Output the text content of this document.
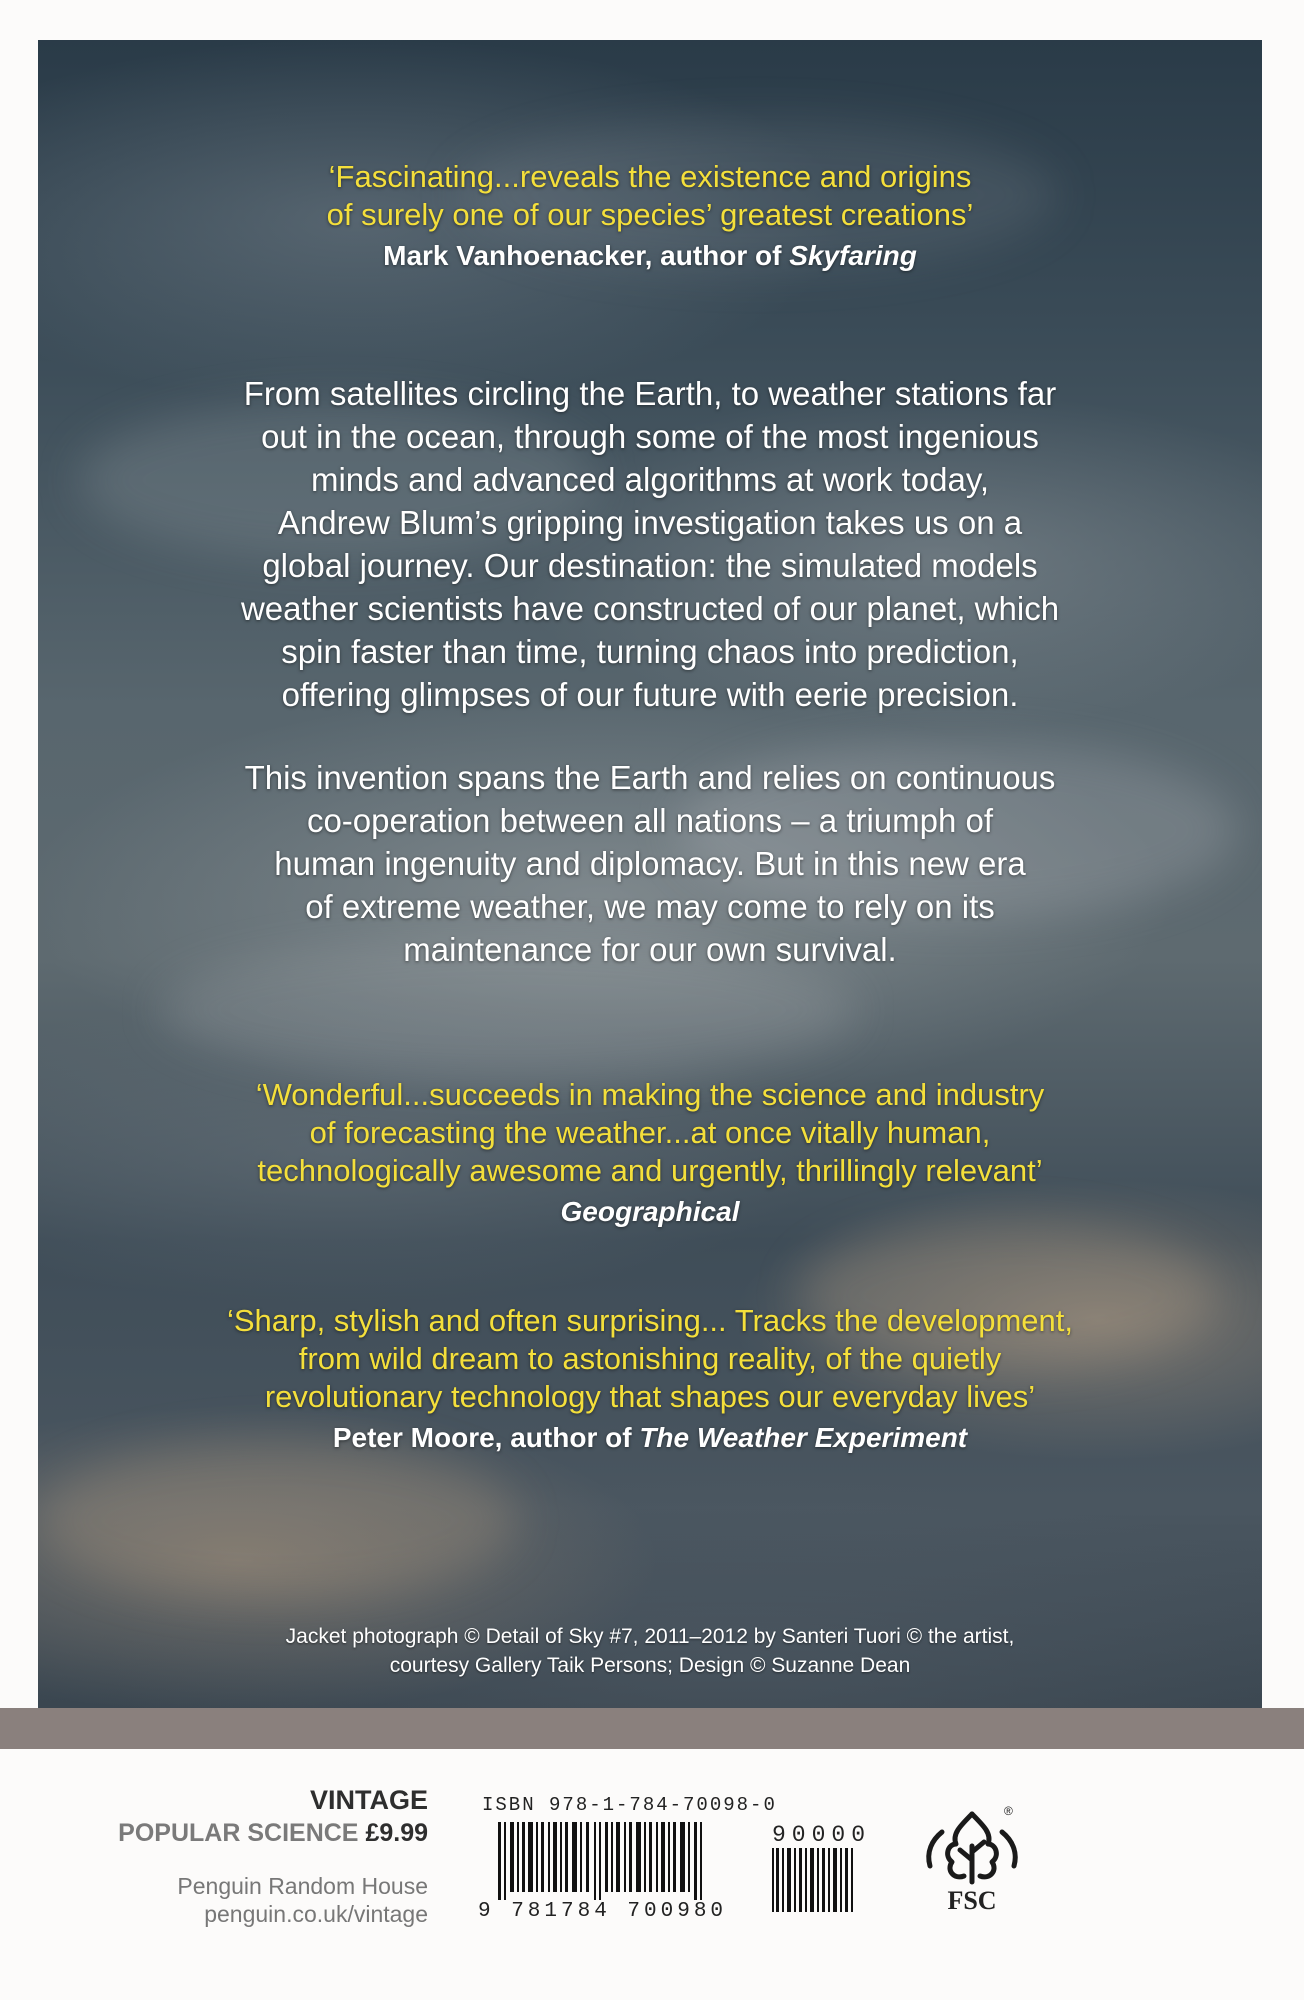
‘Fascinating...reveals the existence and origins
of surely one of our species’ greatest creations’
Mark Vanhoenacker, author of Skyfaring
From satellites circling the Earth, to weather stations far
out in the ocean, through some of the most ingenious
minds and advanced algorithms at work today,
Andrew Blum’s gripping investigation takes us on a
global journey. Our destination: the simulated models
weather scientists have constructed of our planet, which
spin faster than time, turning chaos into prediction,
offering glimpses of our future with eerie precision.
This invention spans the Earth and relies on continuous
co-operation between all nations – a triumph of
human ingenuity and diplomacy. But in this new era
of extreme weather, we may come to rely on its
maintenance for our own survival.
‘Wonderful...succeeds in making the science and industry
of forecasting the weather...at once vitally human,
technologically awesome and urgently, thrillingly relevant’
Geographical
‘Sharp, stylish and often surprising... Tracks the development,
from wild dream to astonishing reality, of the quietly
revolutionary technology that shapes our everyday lives’
Peter Moore, author of The Weather Experiment
Jacket photograph © Detail of Sky #7, 2011–2012 by Santeri Tuori © the artist,
courtesy Gallery Taik Persons; Design © Suzanne Dean
VINTAGE
POPULAR SCIENCE £9.99
Penguin Random House
penguin.co.uk/vintage
ISBN 978-1-784-70098-0
9 781784 700980
90000
FSC
®
